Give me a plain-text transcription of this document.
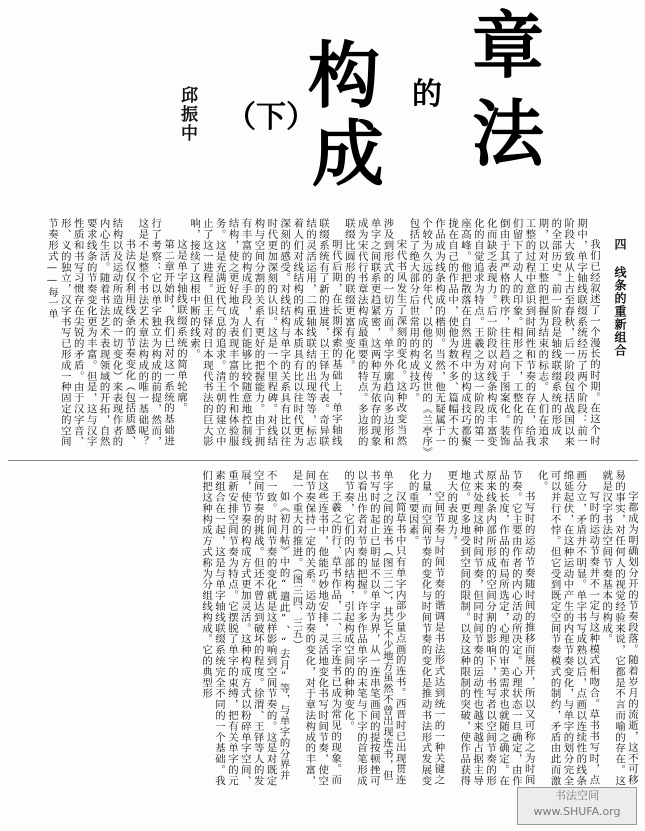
章
法
的
构
成
（下）
邱振中
四 线条的重新组合

我们已经叙述了一个漫长的时期。在这个时期中，单字轴线联缀系统经历了两个阶段：前一阶段大致从上古至春秋，后一阶段包括战国以来的全部历史。前一阶段是轴线联缀系统的形成期，以对工整的把握为结束的标志。人们在追求工整的过程中意识到时间性和节奏的存在，给我们留下了动人的印象。相形之下，工整化的作品倒由于其严格的秩序，往往趋向于图案化。装饰化而缺乏表现力。后一阶段以对线条构成丰富变化的自觉追求为特点。王羲之为这一阶段的第一座高峰。他把散落在自然进程中的构成技巧都聚拢在自己的作品中，使他为数不多、篇幅不大的作品成为线条构成的楷则。当然，他无疑属于一个较为久远的年代，以他的名义传世的《兰亭序》包括了绝大部分后世常用的构成技巧。

宋代书风发生了深刻的变化。这种改变当然涉及到形式的一切方面。单字外廓趋向多边形和单字之间联系更趋紧密，这两种互为依存的现象成为宋代行书章法构成最重要的特点。多边形的联缀比圆形的联缀更富有变化。

明代后期，在长期探索的基础上，单字轴线联缀系统有了新的进展，以王铎为代表。奇异联结的灵活运用，二重轴线联结的出现等等，标志着人们对线结构的构成本质具有比以往时代更为深刻的感受。对线结构与单字的关系具有比以往时代更加深刻的认识。这是一个里程碑。对线结构与空间分割的关系有更好的把握能力。由于拥有丰富的构成手段，人们能够比较随意地控制线结构，使之更好地成为表现丰富的个性和体验服务。这是充满近代气息的追求。清王朝的建立中止了这一进程。但王铎对日本现代书法的巨大影响，接续了这根中断的线索。

这是单字轴线联缀系统的简单轮廓。

第二章开始时，我们已对这一系统的基础进行了考察：它以单字独立为构成的前提，然而，这是不是整个书法艺术章法构成的唯一基础呢？

书法仅仅利用线条的节奏变化（包括质感、结构以及运动所造成的一切变化）来表现作者的内心生活。随着书法艺术表现领域的开拓，自然要求线条的节奏变化更为丰富。但是，这与汉字性质和书写习惯存在尖锐的矛盾。由于汉字音、形、义的独立，汉字书写已形成一种固定的空间节奏形式——每一单

字都成为明确划分开的节奏段落。随着岁月的流逝，这不可移易的事实，对任何人的视觉经验来说，它都是不言而喻的存在。这就是汉字书法空间节奏基本的构成。

写时的运动节奏并不一定与这种模式相吻合。草书书写时，点画分立，矛盾并不明显。单字书写成熟以后，点画以连续性的线条绵延起伏，在这种运动中产生的内在节奏变化，与单字的划分完全可以并行不悖。但它受到既定空间节奏模式的制约，矛盾由此而激化。

书写时的运动节奏随时间的推移而展开，所以又可称之为时间节奏。它主要由作者的内心活动所决定。心理状态一旦确定，由作品的长度，作品的布局所选定，心理的审美需求也就随之确定。在原来线条内部所形成的空间分割的影响下，书写者以空间节奏的形式来处理这种时间节奏，但同时间节奏的运动性也越来越占据主导地位。更多地受到空间的限制。以及这种限制的突破，使作品获得更大的表现力。

空间节奏与时间节奏的谐调是书法形式达到统一的一种关键之力量，而空间节奏的变化与时间节奏的变化是推动书法形式发展变化的重要因素。

汉简草书中只有单字内部少量点画的连书。西晋时已出现贯连单字之间的连书（图三二），其它不少地方虽然不曾出现连书，但书写时的起止已明显不以单字为界，从一连串笔画间的提按顿挫可以看出作者对节奏的把握。许多作品单字的末笔与下字的首笔形成的节奏，它们的内部结构，引起构成空间的种种变化。

王羲之的行、草书作品，二、三字连书已成为常见的现象。而在这些连书中，他能巧妙地安排，灵活地变化书写时间节奏，使空间节奏保持一定的关系。运动节奏的变化，对于章法构成的丰富，是一个重大的推进。（图三四、三五）

如《初月帖》中的“遣此”、“去月”等，与单字的分界并不一致。时间节奏的变化就是这样影响到空间节奏的。这是对既定空间节奏的挑战。但还不曾达到破坏的程度。徐渭、王铎等人的发展，使节奏的构成方式更加灵活。这种构成方式以粉碎单字空间、重新安排空间节奏为特点。它摆脱了单字的束缚，把有关单字的元素组合在一起，这是与单字轴线联缀系统完全不同的一个基础。我们把这种构成方式称为分组线构成。它的典型形

书法空间 www.SHUFA.org
